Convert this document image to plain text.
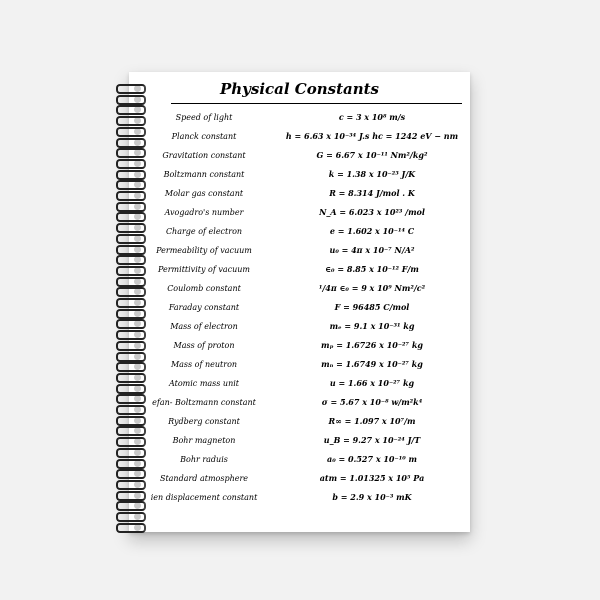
Physical Constants
Speed of light	c = 3 x 10⁸ m/s
Planck constant	h = 6.63 x 10⁻³⁴ J.s hc = 1242 eV − nm
Gravitation constant	G = 6.67 x 10⁻¹¹ Nm²/kg²
Boltzmann constant	k = 1.38 x 10⁻²³ J/K
Molar gas constant	R = 8.314 J/mol . K
Avogadro's number	N_A = 6.023 x 10²³ /mol
Charge of electron	e = 1.602 x 10⁻¹⁴ C
Permeability of vacuum	u₀ = 4π x 10⁻⁷ N/A²
Permittivity of vacuum	∈₀ = 8.85 x 10⁻¹² F/m
Coulomb constant	¹/4π ∈₀ = 9 x 10⁹ Nm²/c²
Faraday constant	F = 96485 C/mol
Mass of electron	mₑ = 9.1 x 10⁻³¹ kg
Mass of proton	mₚ = 1.6726 x 10⁻²⁷ kg
Mass of neutron	mₙ = 1.6749 x 10⁻²⁷ kg
Atomic mass unit	u = 1.66 x 10⁻²⁷ kg
efan- Boltzmann constant	σ = 5.67 x 10⁻⁸ w/m²k⁴
Rydberg constant	R∞ = 1.097 x 10⁷/m
Bohr magneton	u_B = 9.27 x 10⁻²⁴ J/T
Bohr raduis	a₀ = 0.527 x 10⁻¹⁰ m
Standard atmosphere	atm = 1.01325 x 10⁵ Pa
ien displacement constant	b = 2.9 x 10⁻³ mK
